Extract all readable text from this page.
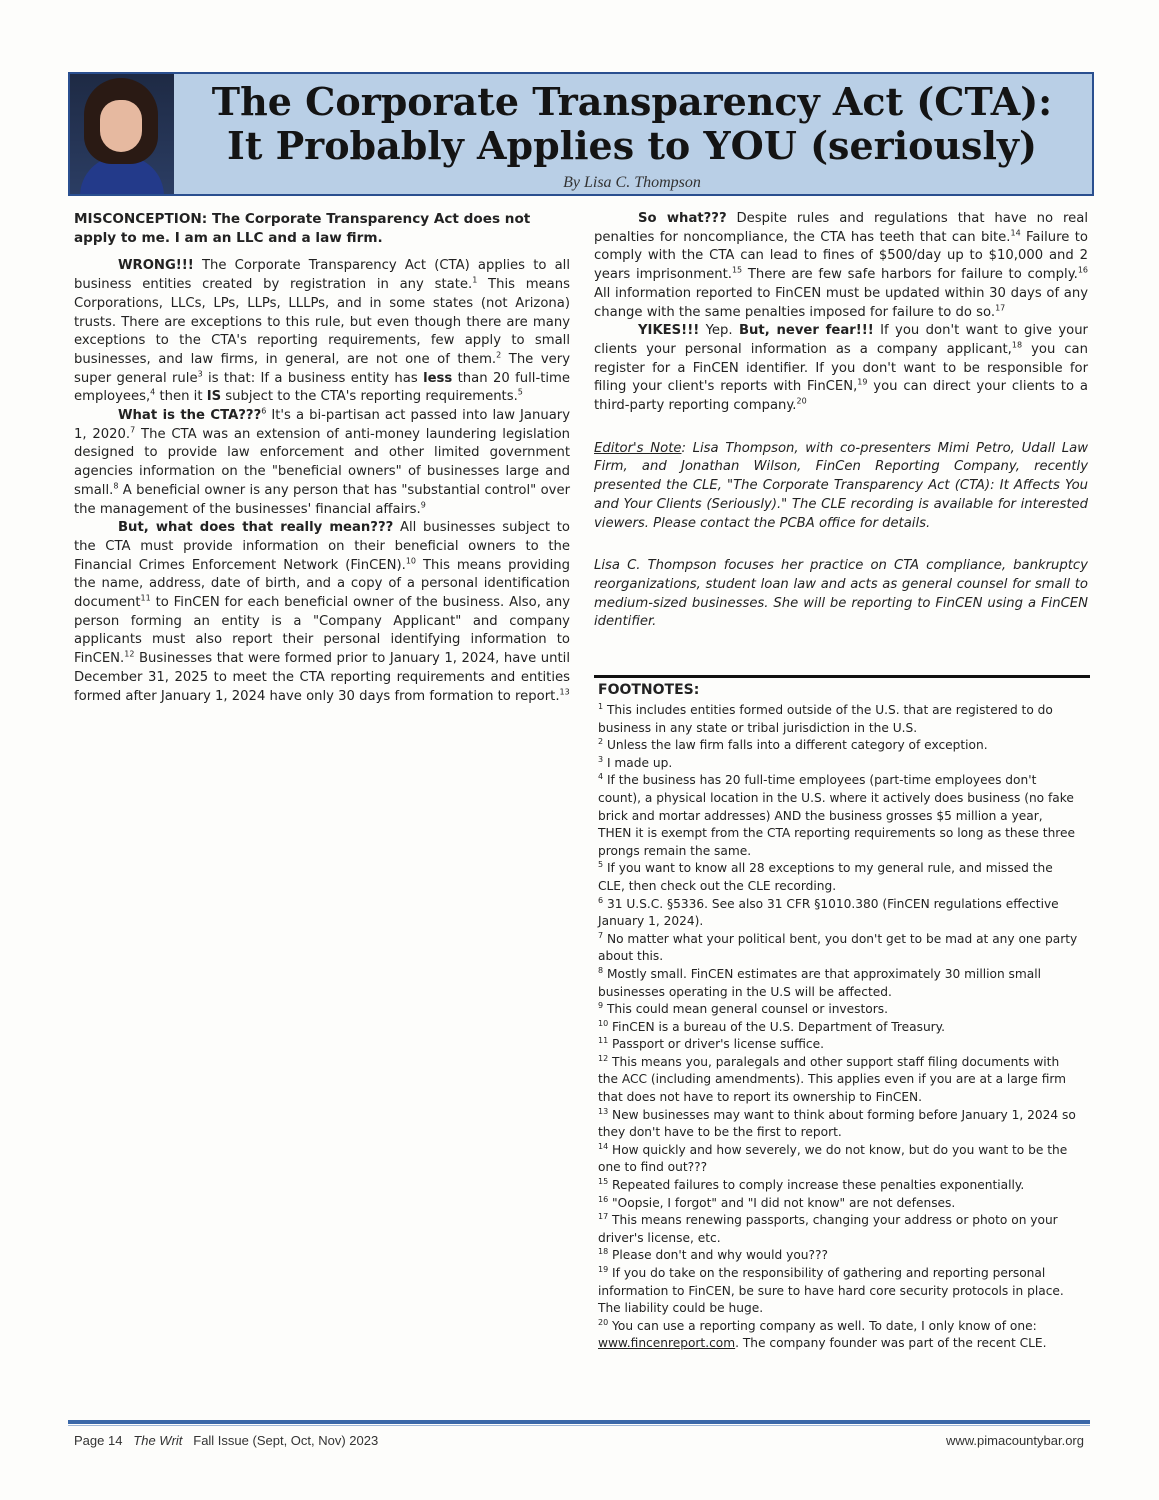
The Corporate Transparency Act (CTA):
It Probably Applies to YOU (seriously)
By Lisa C. Thompson

MISCONCEPTION: The Corporate Transparency Act does not apply to me. I am an LLC and a law firm.

WRONG!!! The Corporate Transparency Act (CTA) applies to all business entities created by registration in any state.$^1$ This means Corporations, LLCs, LPs, LLPs, LLLPs, and in some states (not Arizona) trusts. There are exceptions to this rule, but even though there are many exceptions to the CTA's reporting requirements, few apply to small businesses, and law firms, in general, are not one of them.$^2$ The very super general rule$^3$ is that: If a business entity has less than 20 full-time employees,$^4$ then it IS subject to the CTA's reporting requirements.$^5$

What is the CTA???$^6$ It's a bi-partisan act passed into law January 1, 2020.$^7$ The CTA was an extension of anti-money laundering legislation designed to provide law enforcement and other limited government agencies information on the "beneficial owners" of businesses large and small.$^8$ A beneficial owner is any person that has "substantial control" over the management of the businesses' financial affairs.$^9$

But, what does that really mean??? All businesses subject to the CTA must provide information on their beneficial owners to the Financial Crimes Enforcement Network (FinCEN).$^{10}$ This means providing the name, address, date of birth, and a copy of a personal identification document$^{11}$ to FinCEN for each beneficial owner of the business. Also, any person forming an entity is a "Company Applicant" and company applicants must also report their personal identifying information to FinCEN.$^{12}$ Businesses that were formed prior to January 1, 2024, have until December 31, 2025 to meet the CTA reporting requirements and entities formed after January 1, 2024 have only 30 days from formation to report.$^{13}$

So what??? Despite rules and regulations that have no real penalties for noncompliance, the CTA has teeth that can bite.$^{14}$ Failure to comply with the CTA can lead to fines of $500/day up to $10,000 and 2 years imprisonment.$^{15}$ There are few safe harbors for failure to comply.$^{16}$ All information reported to FinCEN must be updated within 30 days of any change with the same penalties imposed for failure to do so.$^{17}$

YIKES!!! Yep. But, never fear!!! If you don't want to give your clients your personal information as a company applicant,$^{18}$ you can register for a FinCEN identifier. If you don't want to be responsible for filing your client's reports with FinCEN,$^{19}$ you can direct your clients to a third-party reporting company.$^{20}$

Editor's Note: Lisa Thompson, with co-presenters Mimi Petro, Udall Law Firm, and Jonathan Wilson, FinCen Reporting Company, recently presented the CLE, "The Corporate Transparency Act (CTA): It Affects You and Your Clients (Seriously)." The CLE recording is available for interested viewers. Please contact the PCBA office for details.

Lisa C. Thompson focuses her practice on CTA compliance, bankruptcy reorganizations, student loan law and acts as general counsel for small to medium-sized businesses. She will be reporting to FinCEN using a FinCEN identifier.

FOOTNOTES:

$^1$ This includes entities formed outside of the U.S. that are registered to do business in any state or tribal jurisdiction in the U.S.

$^2$ Unless the law firm falls into a different category of exception.

$^3$ I made up.

$^4$ If the business has 20 full-time employees (part-time employees don't count), a physical location in the U.S. where it actively does business (no fake brick and mortar addresses) AND the business grosses $5 million a year, THEN it is exempt from the CTA reporting requirements so long as these three prongs remain the same.

$^5$ If you want to know all 28 exceptions to my general rule, and missed the CLE, then check out the CLE recording.

$^6$ 31 U.S.C. §5336. See also 31 CFR §1010.380 (FinCEN regulations effective January 1, 2024).

$^7$ No matter what your political bent, you don't get to be mad at any one party about this.

$^8$ Mostly small. FinCEN estimates are that approximately 30 million small businesses operating in the U.S will be affected.

$^9$ This could mean general counsel or investors.

$^{10}$ FinCEN is a bureau of the U.S. Department of Treasury.

$^{11}$ Passport or driver's license suffice.

$^{12}$ This means you, paralegals and other support staff filing documents with the ACC (including amendments). This applies even if you are at a large firm that does not have to report its ownership to FinCEN.

$^{13}$ New businesses may want to think about forming before January 1, 2024 so they don't have to be the first to report.

$^{14}$ How quickly and how severely, we do not know, but do you want to be the one to find out???

$^{15}$ Repeated failures to comply increase these penalties exponentially.

$^{16}$ "Oopsie, I forgot" and "I did not know" are not defenses.

$^{17}$ This means renewing passports, changing your address or photo on your driver's license, etc.

$^{18}$ Please don't and why would you???

$^{19}$ If you do take on the responsibility of gathering and reporting personal information to FinCEN, be sure to have hard core security protocols in place. The liability could be huge.

$^{20}$ You can use a reporting company as well. To date, I only know of one: www.fincenreport.com. The company founder was part of the recent CLE.

Page 14 The Writ Fall Issue (Sept, Oct, Nov) 2023	www.pimacountybar.org
